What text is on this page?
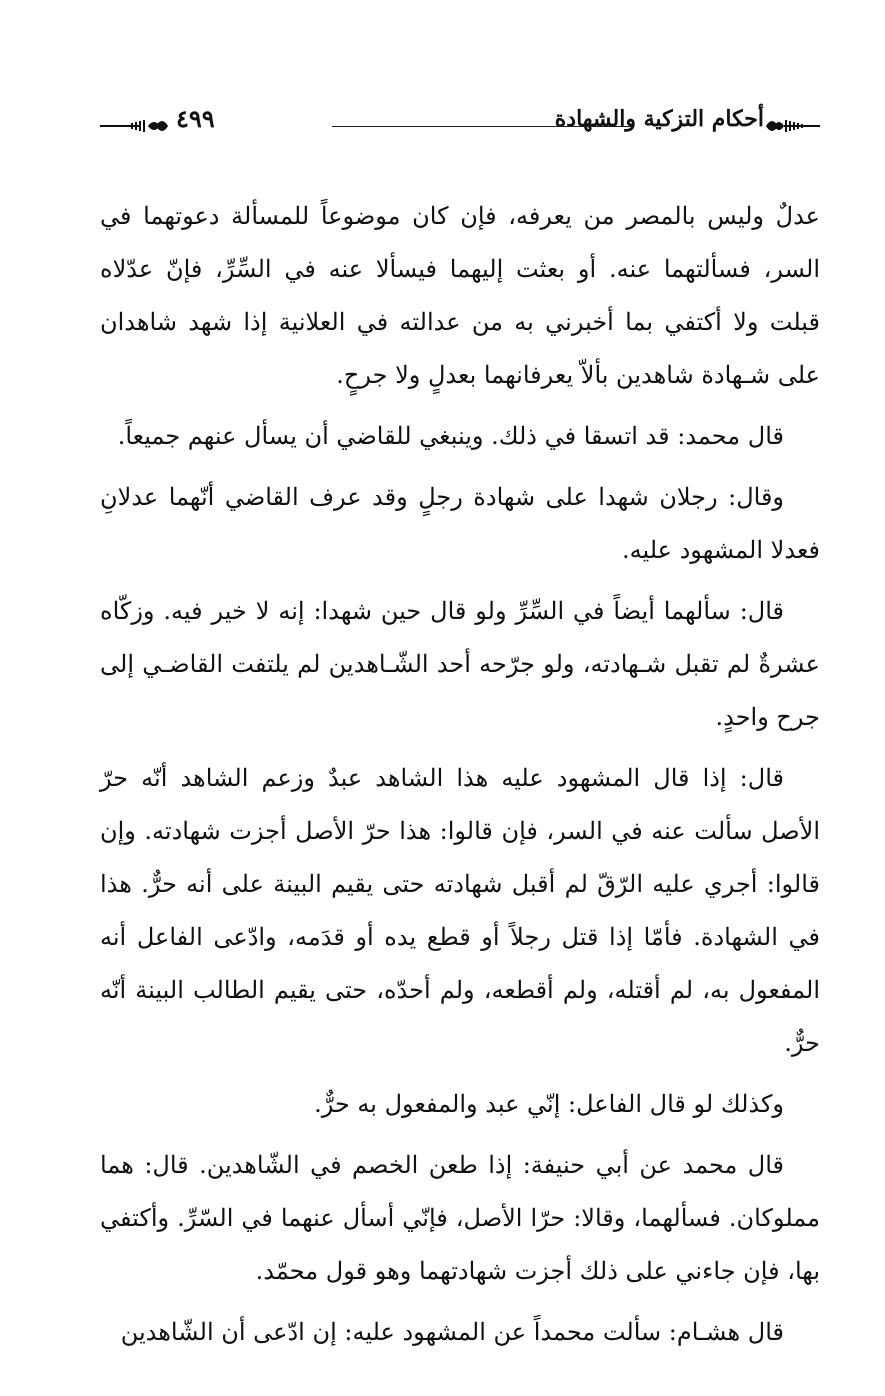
أحكام التزكية والشهادة
٤٩٩

عدلٌ وليس بالمصر من يعرفه، فإن كان موضوعاً للمسألة دعوتهما في السر، فسألتهما عنه. أو بعثت إليهما فيسألا عنه في السِّرِّ، فإنّ عدّلاه قبلت ولا أكتفي بما أخبرني به من عدالته في العلانية إذا شهد شاهدان على شـهادة شاهدين بألاّ يعرفانهما بعدلٍ ولا جرحٍ.

قال محمد: قد اتسقا في ذلك. وينبغي للقاضي أن يسأل عنهم جميعاً.

وقال: رجلان شهدا على شهادة رجلٍ وقد عرف القاضي أنّهما عدلانِ فعدلا المشهود عليه.

قال: سألهما أيضاً في السِّرِّ ولو قال حين شهدا: إنه لا خير فيه. وزكّاه عشرةٌ لم تقبل شـهادته، ولو جرّحه أحد الشّـاهدين لم يلتفت القاضـي إلى جرح واحدٍ.

قال: إذا قال المشهود عليه هذا الشاهد عبدٌ وزعم الشاهد أنّه حرّ الأصل سألت عنه في السر، فإن قالوا: هذا حرّ الأصل أجزت شهادته. وإن قالوا: أجري عليه الرّقّ لم أقبل شهادته حتى يقيم البينة على أنه حرٌّ. هذا في الشهادة. فأمّا إذا قتل رجلاً أو قطع يده أو قدَمه، وادّعى الفاعل أنه المفعول به، لم أقتله، ولم أقطعه، ولم أحدّه، حتى يقيم الطالب البينة أنّه حرٌّ.

وكذلك لو قال الفاعل: إنّي عبد والمفعول به حرٌّ.

قال محمد عن أبي حنيفة: إذا طعن الخصم في الشّاهدين. قال: هما مملوكان. فسألهما، وقالا: حرّا الأصل، فإنّي أسأل عنهما في السّرِّ. وأكتفي بها، فإن جاءني على ذلك أجزت شهادتهما وهو قول محمّد.

قال هشـام: سألت محمداً عن المشهود عليه: إن ادّعى أن الشّاهدين
